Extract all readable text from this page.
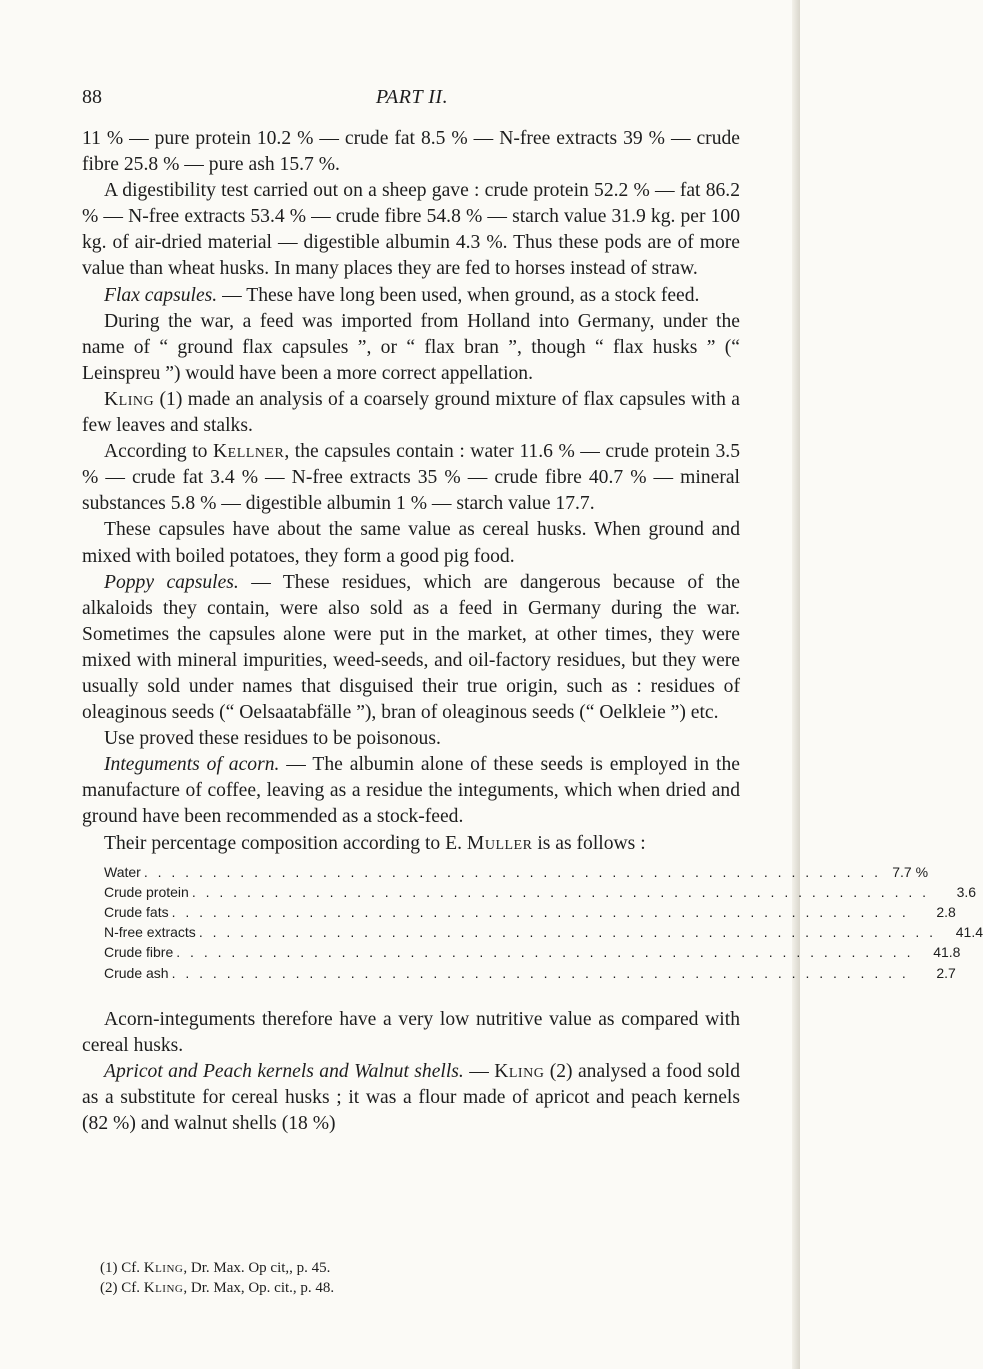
88	PART II.

11 % — pure protein 10.2 % — crude fat 8.5 % — N-free extracts 39 % — crude fibre 25.8 % — pure ash 15.7 %.

A digestibility test carried out on a sheep gave : crude protein 52.2 % — fat 86.2 % — N-free extracts 53.4 % — crude fibre 54.8 % — starch value 31.9 kg. per 100 kg. of air-dried material — digestible albumin 4.3 %. Thus these pods are of more value than wheat husks. In many places they are fed to horses instead of straw.

Flax capsules. — These have long been used, when ground, as a stock feed.

During the war, a feed was imported from Holland into Germany, under the name of “ ground flax capsules ”, or “ flax bran ”, though “ flax husks ” (“ Leinspreu ”) would have been a more correct appellation.

Kling (1) made an analysis of a coarsely ground mixture of flax capsules with a few leaves and stalks.

According to Kellner, the capsules contain : water 11.6 % — crude protein 3.5 % — crude fat 3.4 % — N-free extracts 35 % — crude fibre 40.7 % — mineral substances 5.8 % — digestible albumin 1 % — starch value 17.7.

These capsules have about the same value as cereal husks. When ground and mixed with boiled potatoes, they form a good pig food.

Poppy capsules. — These residues, which are dangerous because of the alkaloids they contain, were also sold as a feed in Germany during the war. Sometimes the capsules alone were put in the market, at other times, they were mixed with mineral impurities, weed-seeds, and oil-factory residues, but they were usually sold under names that disguised their true origin, such as : residues of oleaginous seeds (“ Oelsaatabfälle ”), bran of oleaginous seeds (“ Oelkleie ”) etc.

Use proved these residues to be poisonous.

Integuments of acorn. — The albumin alone of these seeds is employed in the manufacture of coffee, leaving as a residue the integuments, which when dried and ground have been recommended as a stock-feed.

Their percentage composition according to E. Muller is as follows :

Water . . . . . . . . . . . . . . . . . . . . . . . . . . . . . . . . . . . . . . . . . . . . . . . . . . . . . . 7.7 %
Crude protein . . . . . . . . . . . . . . . . . . . . . . . . . . . . . . . . . . . . . . . . . . . . . . . . . . . . . .	3.6
Crude fats . . . . . . . . . . . . . . . . . . . . . . . . . . . . . . . . . . . . . . . . . . . . . . . . . . . . . .	2.8
N-free extracts . . . . . . . . . . . . . . . . . . . . . . . . . . . . . . . . . . . . . . . . . . . . . . . . . . . . . .	41.4
Crude fibre . . . . . . . . . . . . . . . . . . . . . . . . . . . . . . . . . . . . . . . . . . . . . . . . . . . . . .	41.8
Crude ash . . . . . . . . . . . . . . . . . . . . . . . . . . . . . . . . . . . . . . . . . . . . . . . . . . . . . .	2.7

Acorn-integuments therefore have a very low nutritive value as compared with cereal husks.

Apricot and Peach kernels and Walnut shells. — Kling (2) analysed a food sold as a substitute for cereal husks ; it was a flour made of apricot and peach kernels (82 %) and walnut shells (18 %)

(1) Cf. Kling, Dr. Max. Op cit,, p. 45.
(2) Cf. Kling, Dr. Max, Op. cit., p. 48.
